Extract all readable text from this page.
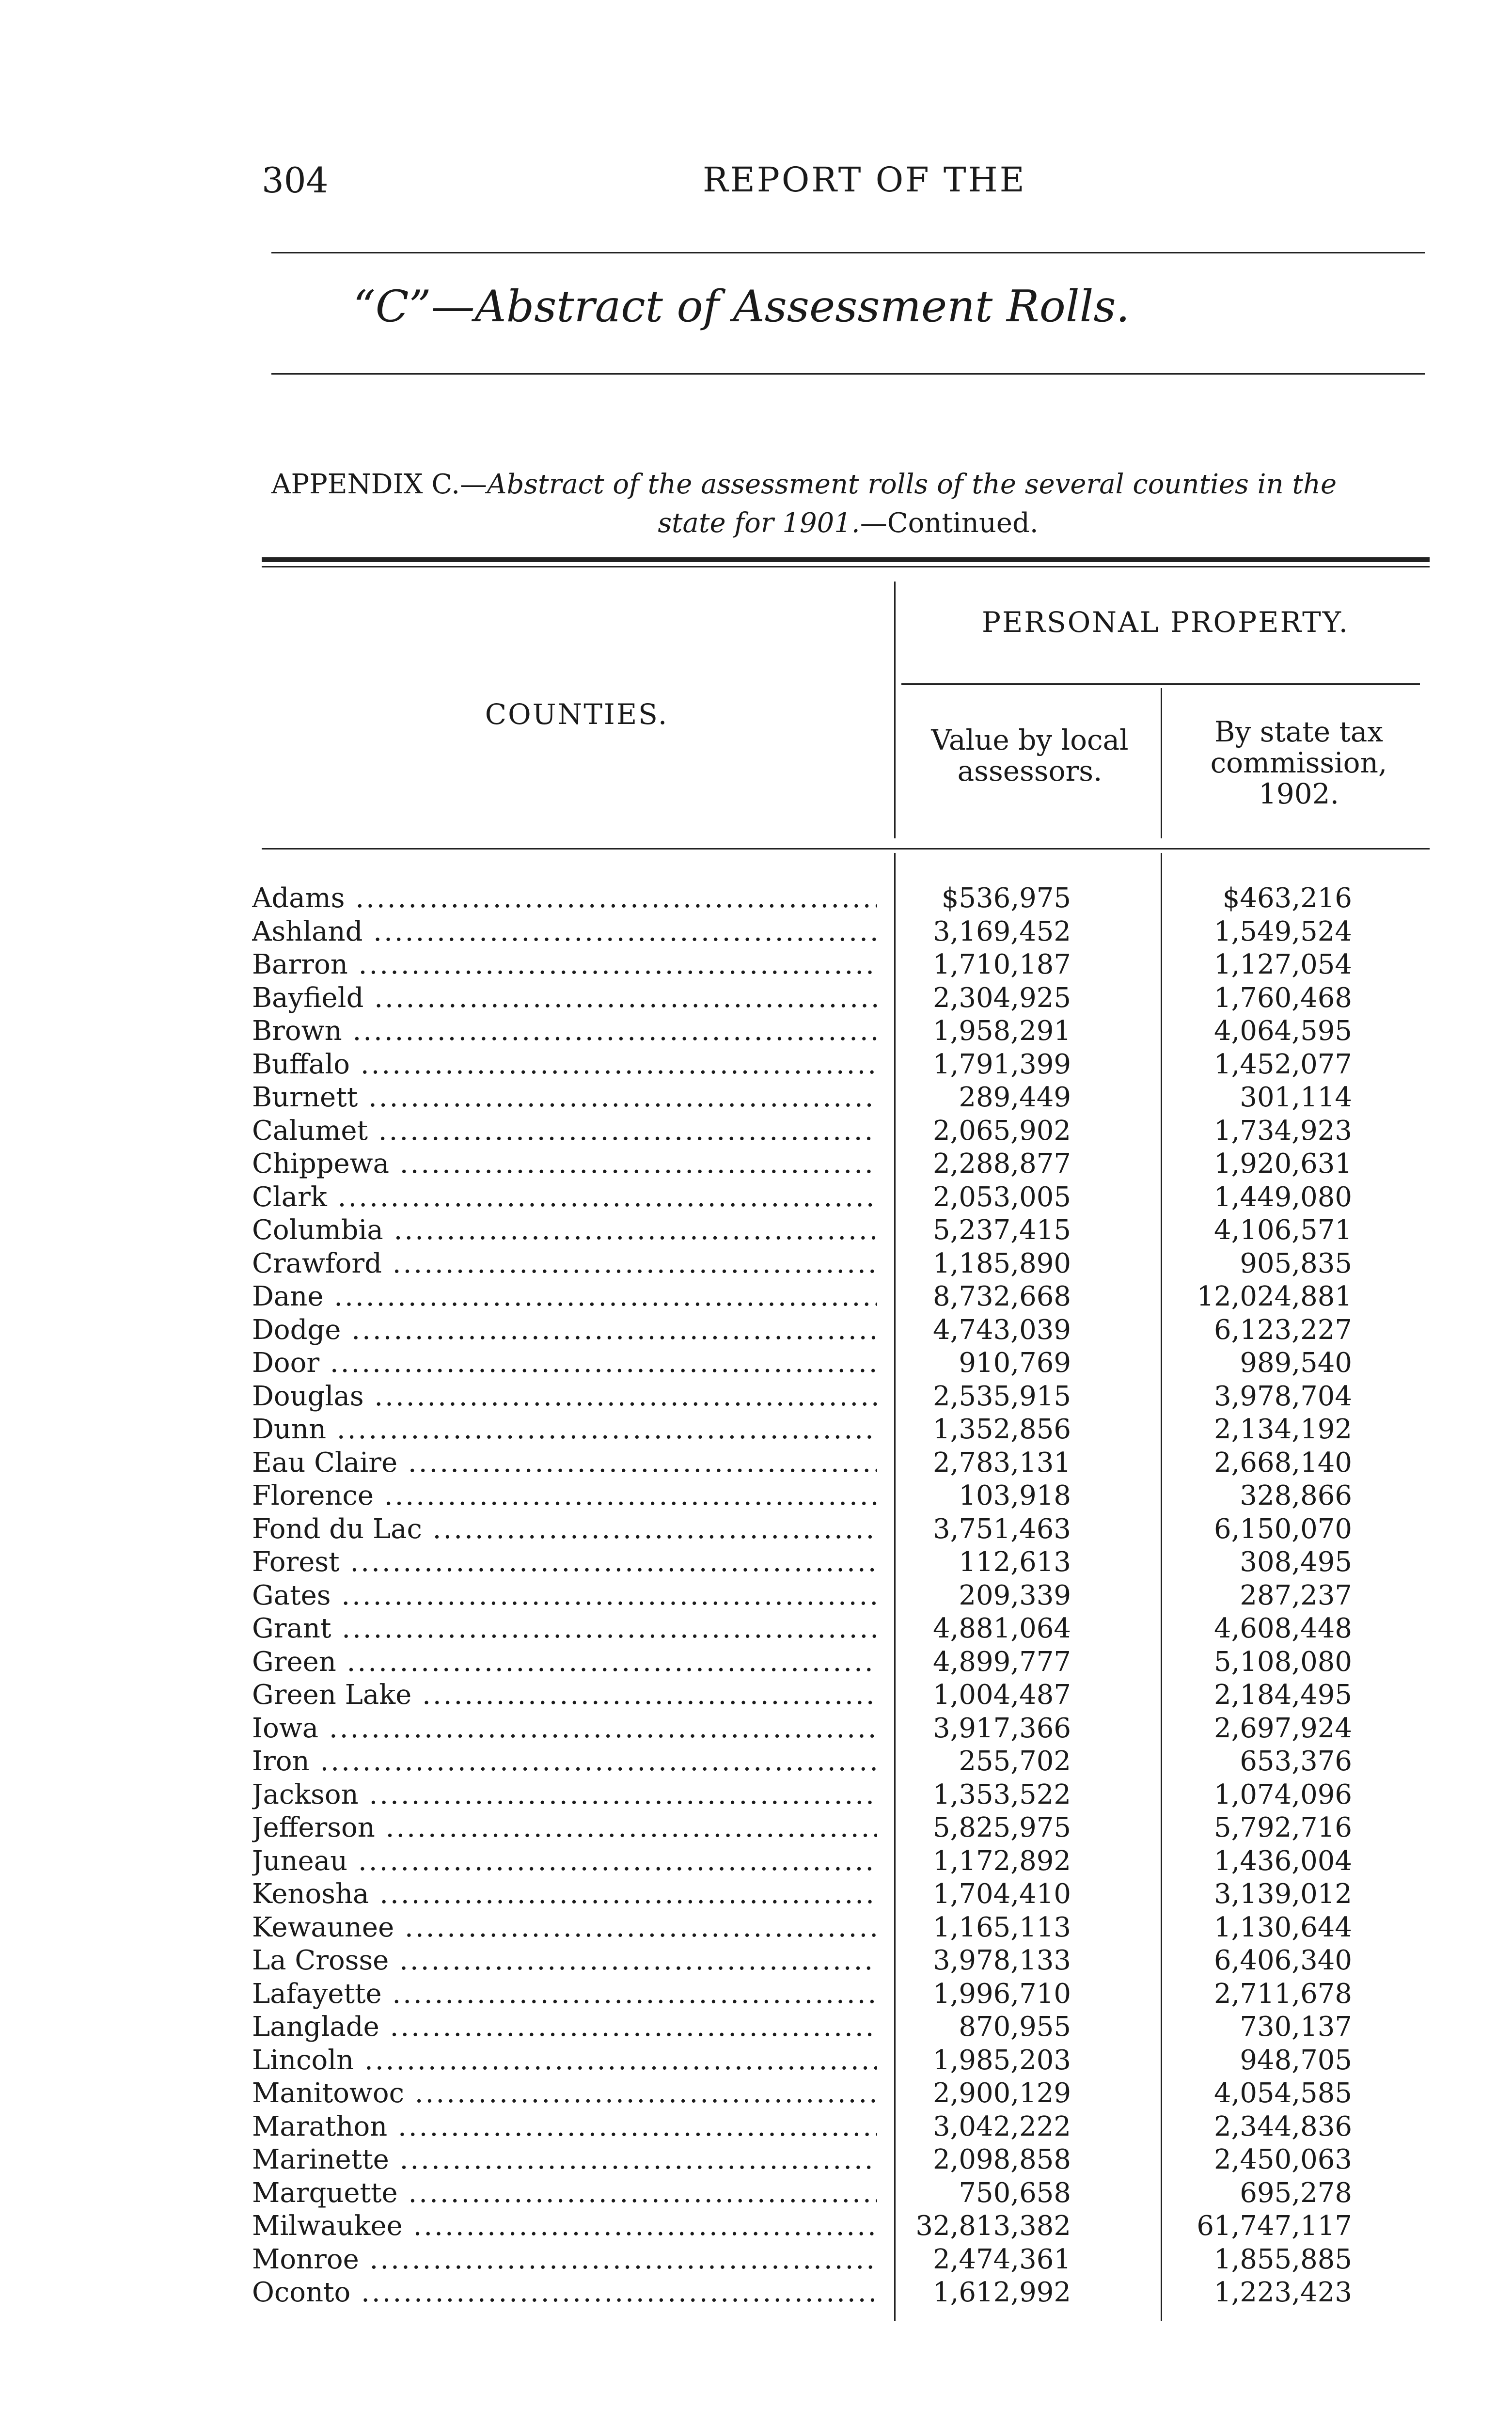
304	REPORT OF THE
“C”—Abstract of Assessment Rolls.
APPENDIX C.—Abstract of the assessment rolls of the several counties in the
state for 1901.—Continued.
PERSONAL PROPERTY.
COUNTIES.
Value by local
assessors.
By state tax
commission,
1902.
Adams .....	$536,975	$463,216
Ashland .....	3,169,452	1,549,524
Barron .....	1,710,187	1,127,054
Bayfield .....	2,304,925	1,760,468
Brown .....	1,958,291	4,064,595
Buffalo .....	1,791,399	1,452,077
Burnett .....	289,449	301,114
Calumet .....	2,065,902	1,734,923
Chippewa .....	2,288,877	1,920,631
Clark .....	2,053,005	1,449,080
Columbia .....	5,237,415	4,106,571
Crawford .....	1,185,890	905,835
Dane .....	8,732,668	12,024,881
Dodge .....	4,743,039	6,123,227
Door .....	910,769	989,540
Douglas .....	2,535,915	3,978,704
Dunn .....	1,352,856	2,134,192
Eau Claire .....	2,783,131	2,668,140
Florence .....	103,918	328,866
Fond du Lac .....	3,751,463	6,150,070
Forest .....	112,613	308,495
Gates .....	209,339	287,237
Grant .....	4,881,064	4,608,448
Green .....	4,899,777	5,108,080
Green Lake .....	1,004,487	2,184,495
Iowa .....	3,917,366	2,697,924
Iron .....	255,702	653,376
Jackson .....	1,353,522	1,074,096
Jefferson .....	5,825,975	5,792,716
Juneau .....	1,172,892	1,436,004
Kenosha .....	1,704,410	3,139,012
Kewaunee .....	1,165,113	1,130,644
La Crosse .....	3,978,133	6,406,340
Lafayette .....	1,996,710	2,711,678
Langlade .....	870,955	730,137
Lincoln .....	1,985,203	948,705
Manitowoc .....	2,900,129	4,054,585
Marathon .....	3,042,222	2,344,836
Marinette .....	2,098,858	2,450,063
Marquette .....	750,658	695,278
Milwaukee .....	32,813,382	61,747,117
Monroe .....	2,474,361	1,855,885
Oconto .....	1,612,992	1,223,423
